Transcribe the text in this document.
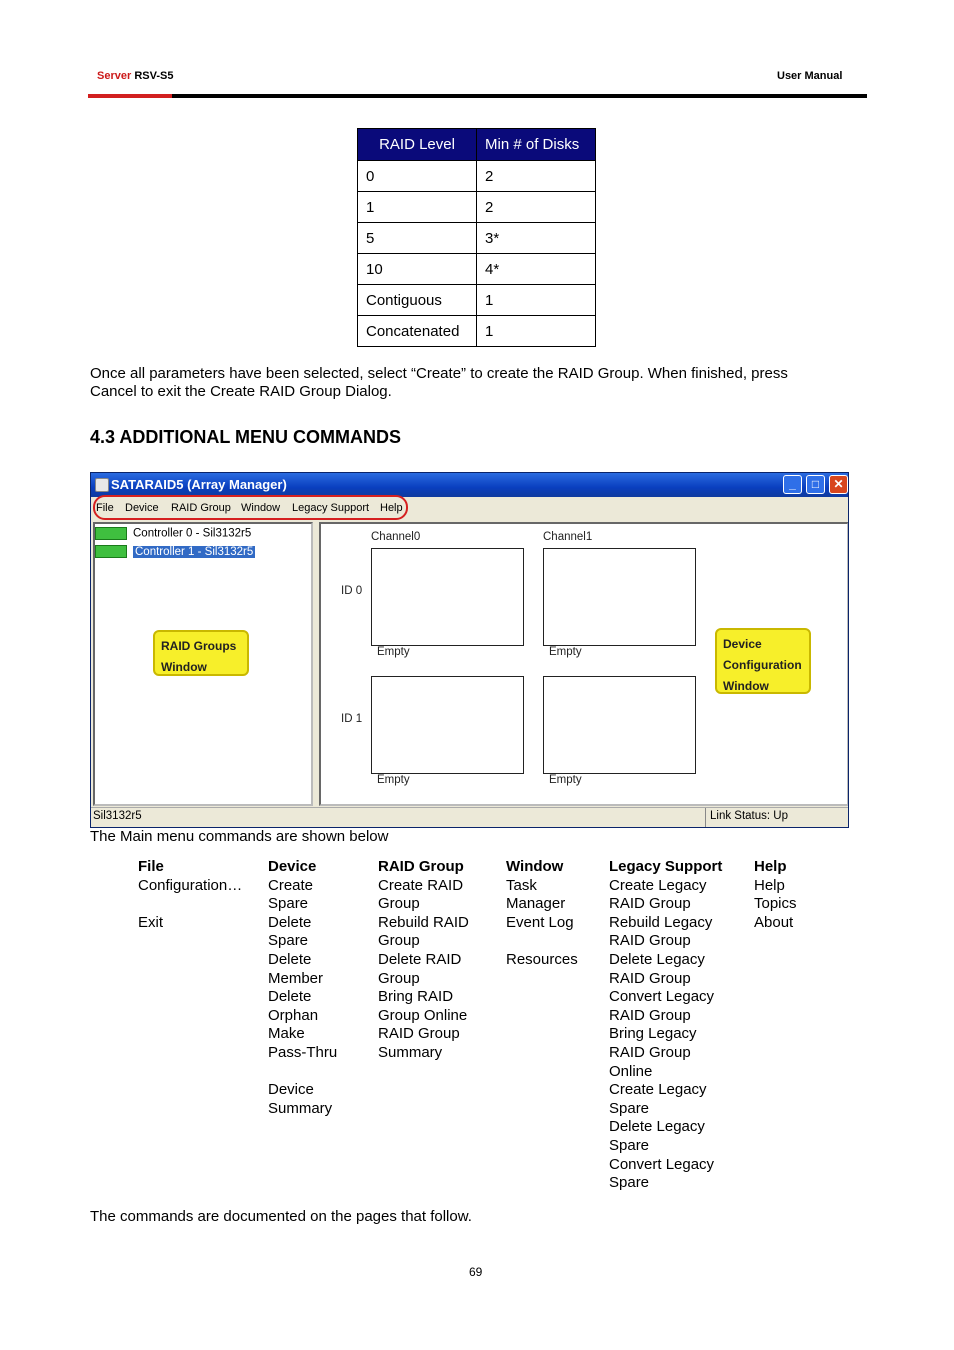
Server RSV-S5	User Manual
RAID Level	Min # of Disks
0	2
1	2
5	3*
10	4*
Contiguous	1
Concatenated	1
Once all parameters have been selected, select “Create” to create the RAID Group. When finished, press
Cancel to exit the Create RAID Group Dialog.
4.3 ADDITIONAL MENU COMMANDS
SATARAID5 (Array Manager)	_	□	✕
File Device RAID Group Window Legacy Support Help
Controller 0 - Sil3132r5
Controller 1 - Sil3132r5
RAID Groups
Window
Channel0	Channel1
ID 0
ID 1
Empty	Empty
Empty	Empty
Device
Configuration
Window
Sil3132r5	Link Status: Up
The Main menu commands are shown below
File
Configuration…
Exit
Device
Create
Spare
Delete
Spare
Delete
Member
Delete
Orphan
Make
Pass-Thru
Device
Summary
RAID Group
Create RAID
Group
Rebuild RAID
Group
Delete RAID
Group
Bring RAID
Group Online
RAID Group
Summary
Window
Task
Manager
Event Log
Resources
Legacy Support
Create Legacy
RAID Group
Rebuild Legacy
RAID Group
Delete Legacy
RAID Group
Convert Legacy
RAID Group
Bring Legacy
RAID Group
Online
Create Legacy
Spare
Delete Legacy
Spare
Convert Legacy
Spare
Help
Help
Topics
About
The commands are documented on the pages that follow.
69
